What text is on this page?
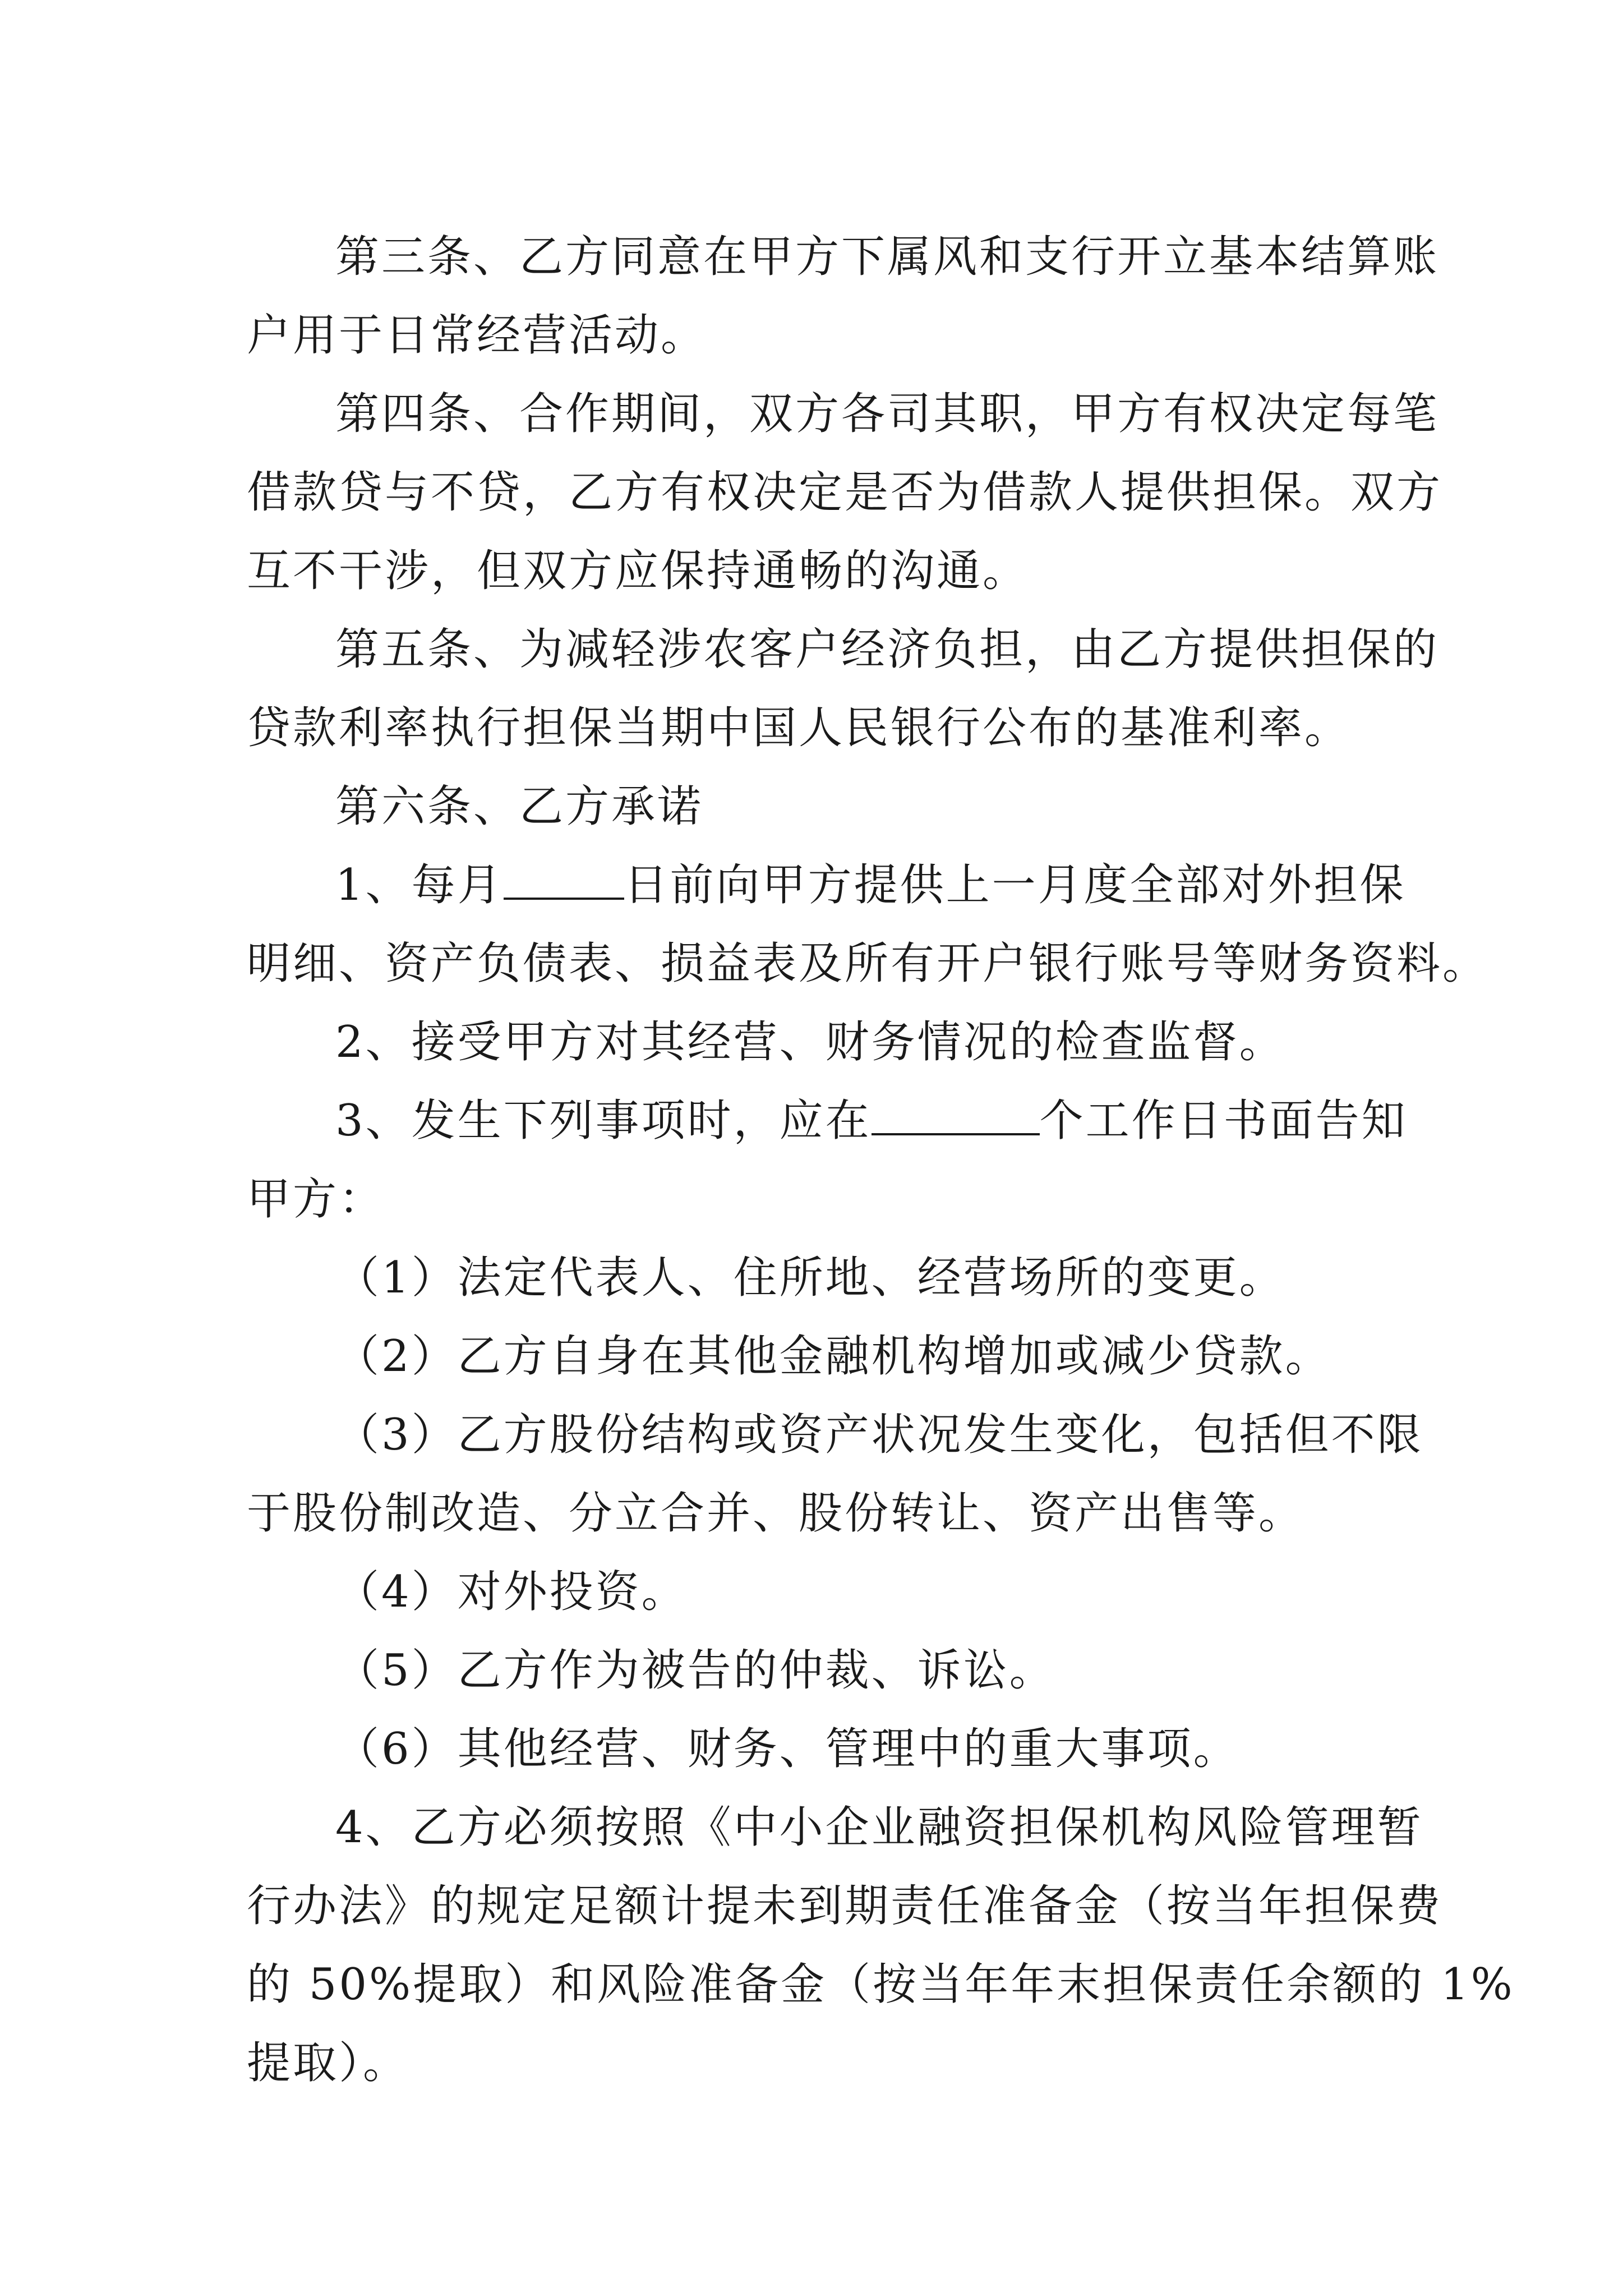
第三条、乙方同意在甲方下属风和支行开立基本结算账
户用于日常经营活动。
第四条、合作期间，双方各司其职，甲方有权决定每笔
借款贷与不贷，乙方有权决定是否为借款人提供担保。双方
互不干涉，但双方应保持通畅的沟通。
第五条、为减轻涉农客户经济负担，由乙方提供担保的
贷款利率执行担保当期中国人民银行公布的基准利率。
第六条、乙方承诺
1、每月	日前向甲方提供上一月度全部对外担保
明细、资产负债表、损益表及所有开户银行账号等财务资料。
2、接受甲方对其经营、财务情况的检查监督。
3、发生下列事项时，应在	个工作日书面告知
甲方：
（1）法定代表人、住所地、经营场所的变更。
（2）乙方自身在其他金融机构增加或减少贷款。
（3）乙方股份结构或资产状况发生变化，包括但不限
于股份制改造、分立合并、股份转让、资产出售等。
（4）对外投资。
（5）乙方作为被告的仲裁、诉讼。
（6）其他经营、财务、管理中的重大事项。
4、乙方必须按照《中小企业融资担保机构风险管理暂
行办法》的规定足额计提未到期责任准备金（按当年担保费
的 50%提取）和风险准备金（按当年年末担保责任余额的 1%
提取）。
